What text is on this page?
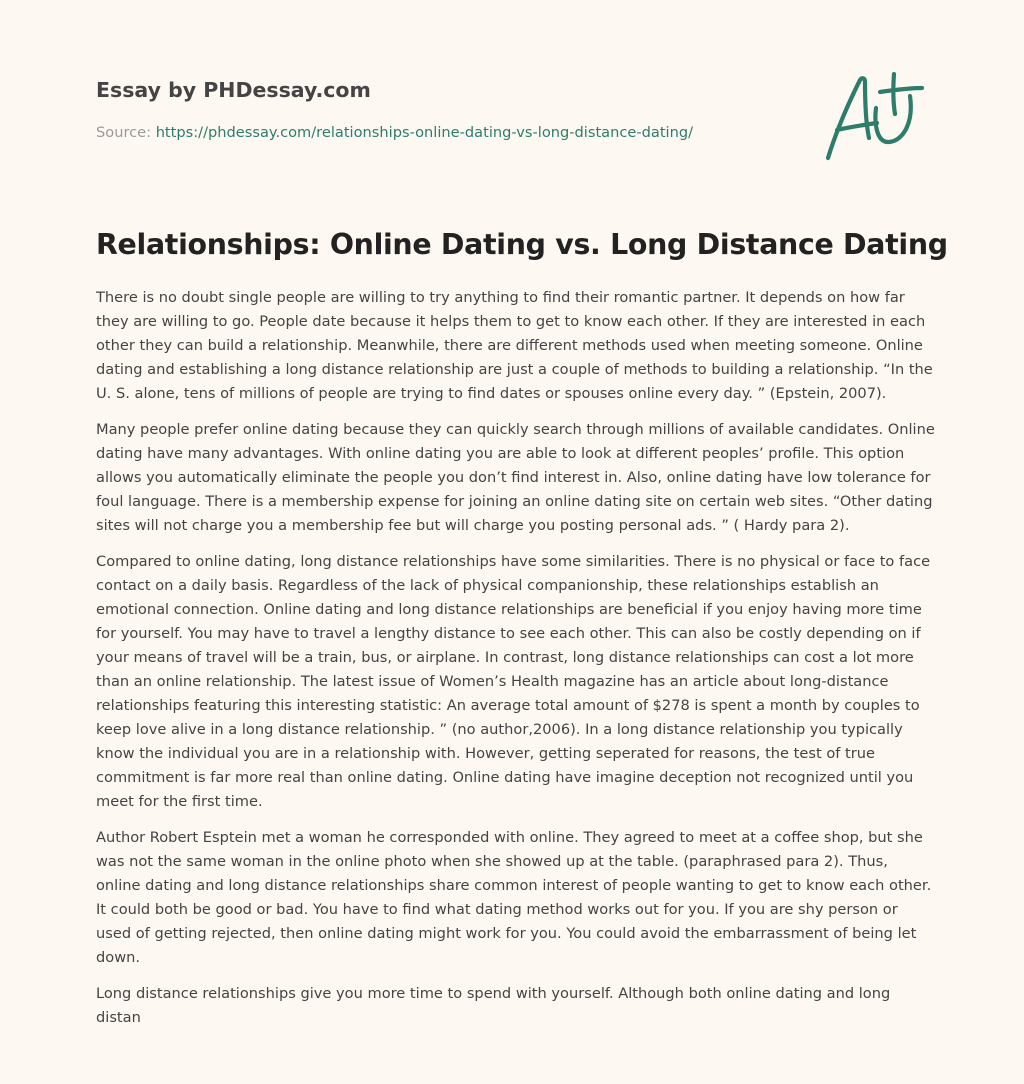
Essay by PHDessay.com
Source: https://phdessay.com/relationships-online-dating-vs-long-distance-dating/
Relationships: Online Dating vs. Long Distance Dating

There is no doubt single people are willing to try anything to find their romantic partner. It depends on how far they are willing to go. People date because it helps them to get to know each other. If they are interested in each other they can build a relationship. Meanwhile, there are different methods used when meeting someone. Online dating and establishing a long distance relationship are just a couple of methods to building a relationship. “In the U. S. alone, tens of millions of people are trying to find dates or spouses online every day. ” (Epstein, 2007).

Many people prefer online dating because they can quickly search through millions of available candidates. Online dating have many advantages. With online dating you are able to look at different peoples’ profile. This option allows you automatically eliminate the people you don’t find interest in. Also, online dating have low tolerance for foul language. There is a membership expense for joining an online dating site on certain web sites. “Other dating sites will not charge you a membership fee but will charge you posting personal ads. ” ( Hardy para 2).

Compared to online dating, long distance relationships have some similarities. There is no physical or face to face contact on a daily basis. Regardless of the lack of physical companionship, these relationships establish an emotional connection. Online dating and long distance relationships are beneficial if you enjoy having more time for yourself. You may have to travel a lengthy distance to see each other. This can also be costly depending on if your means of travel will be a train, bus, or airplane. In contrast, long distance relationships can cost a lot more than an online relationship. The latest issue of Women’s Health magazine has an article about long-distance relationships featuring this interesting statistic: An average total amount of $278 is spent a month by couples to keep love alive in a long distance relationship. ” (no author,2006). In a long distance relationship you typically know the individual you are in a relationship with. However, getting seperated for reasons, the test of true commitment is far more real than online dating. Online dating have imagine deception not recognized until you meet for the first time.

Author Robert Esptein met a woman he corresponded with online. They agreed to meet at a coffee shop, but she was not the same woman in the online photo when she showed up at the table. (paraphrased para 2). Thus, online dating and long distance relationships share common interest of people wanting to get to know each other. It could both be good or bad. You have to find what dating method works out for you. If you are shy person or used of getting rejected, then online dating might work for you. You could avoid the embarrassment of being let down.

Long distance relationships give you more time to spend with yourself. Although both online dating and long distan
